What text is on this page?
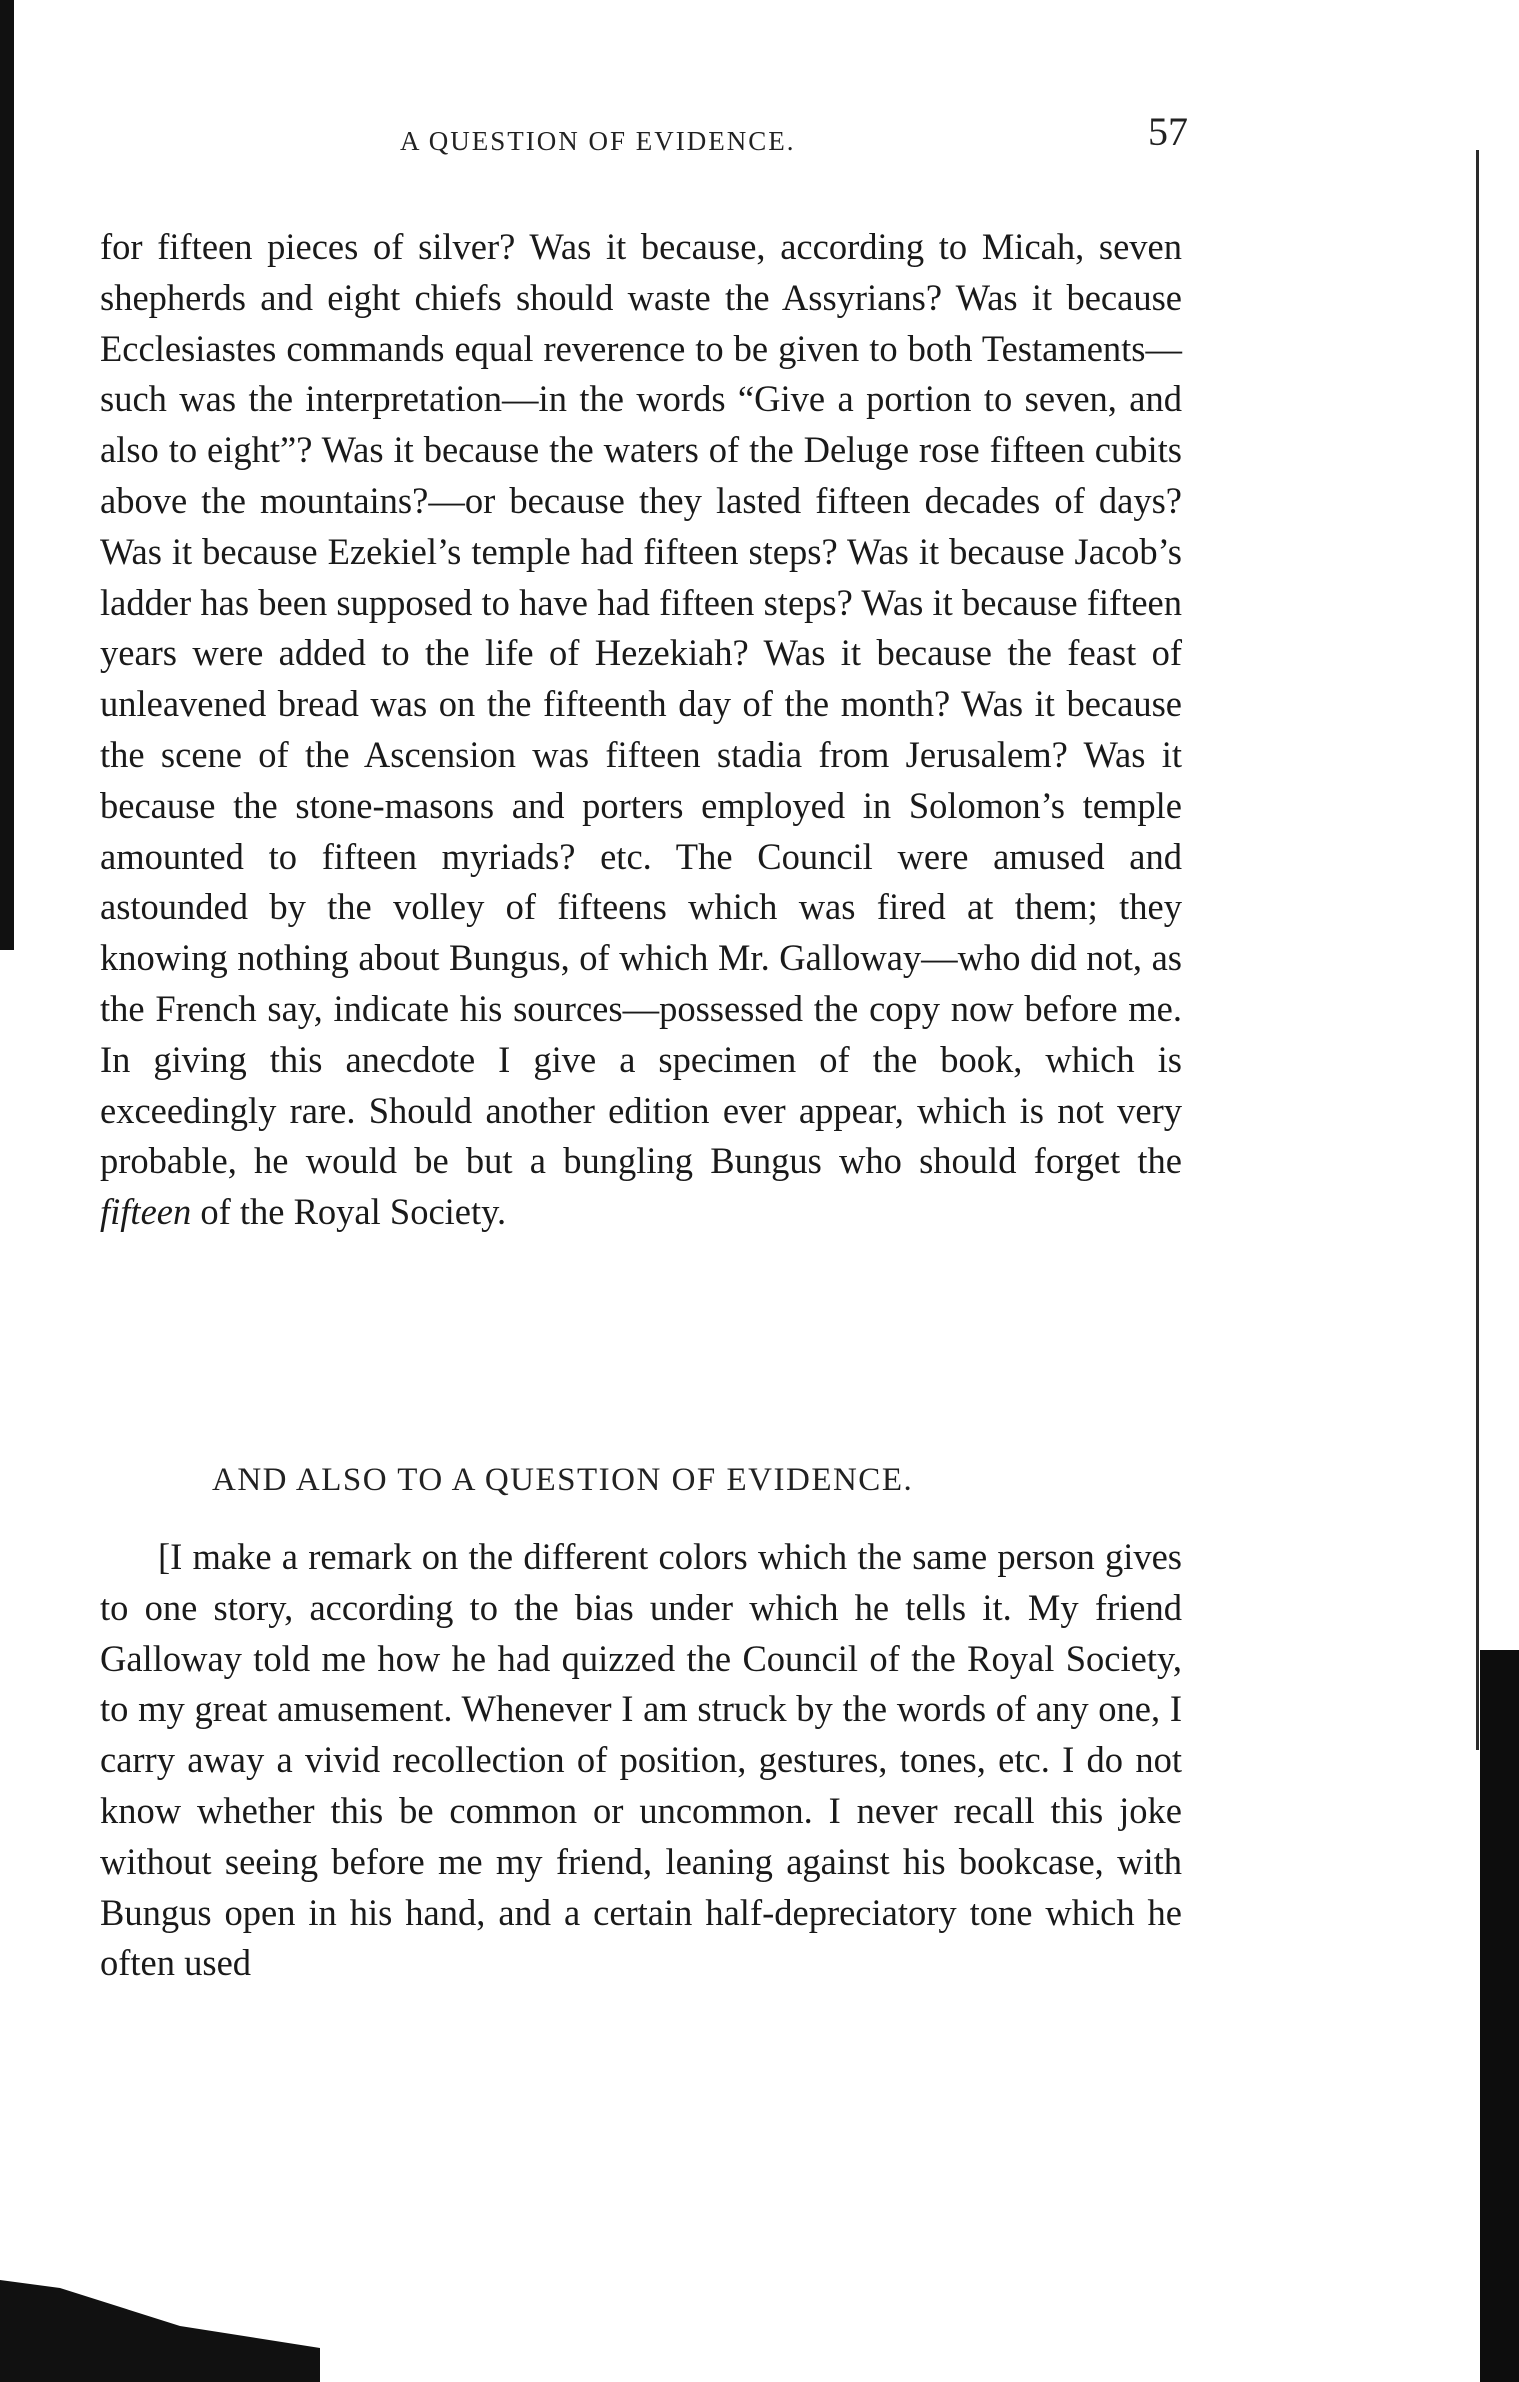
A QUESTION OF EVIDENCE.	57

for fifteen pieces of silver? Was it because, according to Micah, seven shepherds and eight chiefs should waste the Assyrians? Was it because Ecclesiastes commands equal reverence to be given to both Testaments—such was the interpretation—in the words “Give a portion to seven, and also to eight”? Was it because the waters of the Deluge rose fifteen cubits above the mountains?—or because they lasted fifteen decades of days? Was it because Ezekiel’s temple had fifteen steps? Was it because Jacob’s ladder has been supposed to have had fifteen steps? Was it because fifteen years were added to the life of Hezekiah? Was it because the feast of unleavened bread was on the fifteenth day of the month? Was it because the scene of the Ascension was fifteen stadia from Jerusalem? Was it because the stone-masons and porters employed in Solomon’s temple amounted to fifteen myriads? etc. The Council were amused and astounded by the volley of fifteens which was fired at them; they knowing nothing about Bungus, of which Mr. Galloway—who did not, as the French say, indicate his sources—possessed the copy now before me. In giving this anecdote I give a specimen of the book, which is exceedingly rare. Should another edition ever appear, which is not very probable, he would be but a bungling Bungus who should forget the fifteen of the Royal Society.

AND ALSO TO A QUESTION OF EVIDENCE.

[I make a remark on the different colors which the same person gives to one story, according to the bias under which he tells it. My friend Galloway told me how he had quizzed the Council of the Royal Society, to my great amusement. Whenever I am struck by the words of any one, I carry away a vivid recollection of position, gestures, tones, etc. I do not know whether this be common or uncommon. I never recall this joke without seeing before me my friend, leaning against his bookcase, with Bungus open in his hand, and a certain half-depreciatory tone which he often used
